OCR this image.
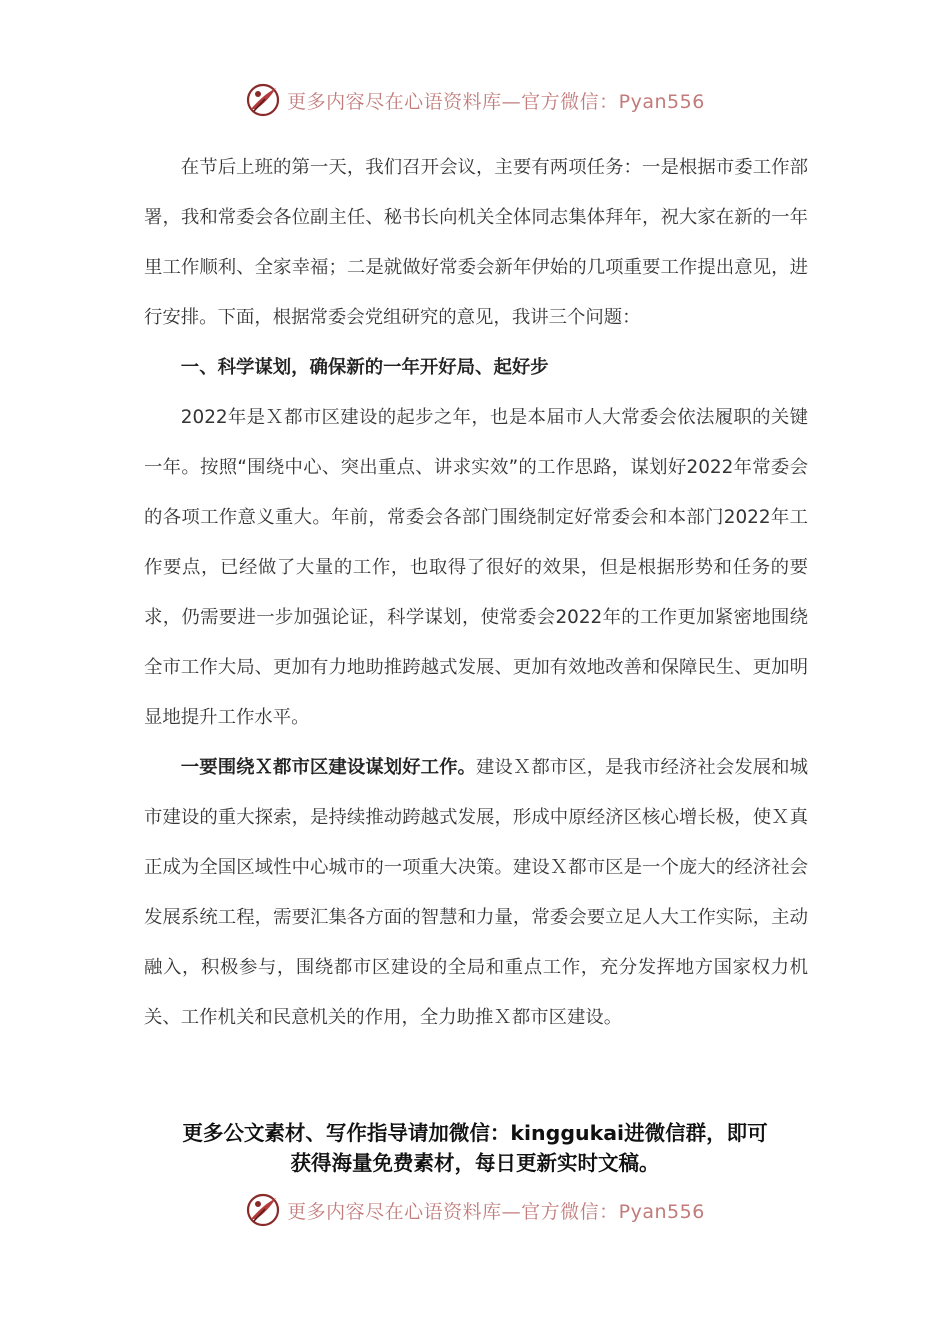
更多内容尽在心语资料库—官方微信：Pyan556

在节后上班的第一天，我们召开会议，主要有两项任务：一是根据市委工作部署，我和常委会各位副主任、秘书长向机关全体同志集体拜年，祝大家在新的一年里工作顺利、全家幸福；二是就做好常委会新年伊始的几项重要工作提出意见，进行安排。下面，根据常委会党组研究的意见，我讲三个问题：

一、科学谋划，确保新的一年开好局、起好步

2022年是Ｘ都市区建设的起步之年，也是本届市人大常委会依法履职的关键一年。按照“围绕中心、突出重点、讲求实效”的工作思路，谋划好2022年常委会的各项工作意义重大。年前，常委会各部门围绕制定好常委会和本部门2022年工作要点，已经做了大量的工作，也取得了很好的效果，但是根据形势和任务的要求，仍需要进一步加强论证，科学谋划，使常委会2022年的工作更加紧密地围绕全市工作大局、更加有力地助推跨越式发展、更加有效地改善和保障民生、更加明显地提升工作水平。

一要围绕Ｘ都市区建设谋划好工作。建设Ｘ都市区，是我市经济社会发展和城市建设的重大探索，是持续推动跨越式发展，形成中原经济区核心增长极，使Ｘ真正成为全国区域性中心城市的一项重大决策。建设Ｘ都市区是一个庞大的经济社会发展系统工程，需要汇集各方面的智慧和力量，常委会要立足人大工作实际，主动融入，积极参与，围绕都市区建设的全局和重点工作，充分发挥地方国家权力机关、工作机关和民意机关的作用，全力助推Ｘ都市区建设。

更多公文素材、写作指导请加微信：kinggukai进微信群，即可
获得海量免费素材，每日更新实时文稿。
更多内容尽在心语资料库—官方微信：Pyan556
